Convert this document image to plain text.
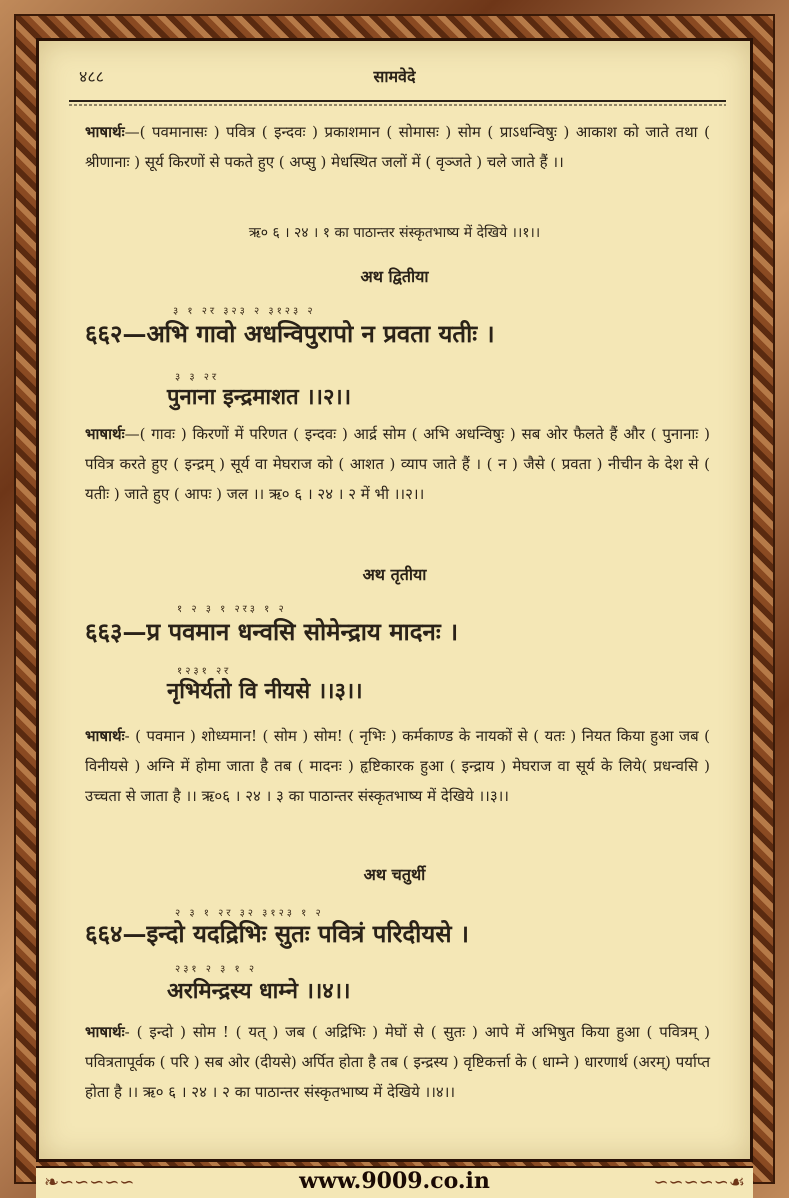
४८८	सामवेदे
भाषार्थः—( पवमानासः ) पवित्र ( इन्दवः ) प्रकाशमान ( सोमासः ) सोम ( प्राऽधन्विषुः ) आकाश को जाते तथा ( श्रीणानाः ) सूर्य किरणों से पकते हुए ( अप्सु ) मेधस्थित जलों में ( वृञ्जते ) चले जाते हैं ।।
ऋ० ६ । २४ । १ का पाठान्तर संस्कृतभाष्य में देखिये ।।१।।
अथ द्वितीया
३ १ २र ३२३ २ ३१२३ २
६६२—अभि गावो अधन्विपुरापो न प्रवता यतीः ।
३ ३ २र
पुनाना इन्द्रमाशत ।।२।।
भाषार्थः—( गावः ) किरणों में परिणत ( इन्दवः ) आर्द्र सोम ( अभि अधन्विषुः ) सब ओर फैलते हैं और ( पुनानाः ) पवित्र करते हुए ( इन्द्रम् ) सूर्य वा मेघराज को ( आशत ) व्याप जाते हैं । ( न ) जैसे ( प्रवता ) नीचीन के देश से ( यतीः ) जाते हुए ( आपः ) जल ।। ऋ० ६ । २४ । २ में भी ।।२।।
अथ तृतीया
१ २ ३ १ २र३ १ २
६६३—प्र पवमान धन्वसि सोमेन्द्राय मादनः ।
१२३१ २र
नृभिर्यतो वि नीयसे ।।३।।
भाषार्थः- ( पवमान ) शोध्यमान! ( सोम ) सोम! ( नृभिः ) कर्मकाण्ड के नायकों से ( यतः ) नियत किया हुआ जब ( विनीयसे ) अग्नि में होमा जाता है तब ( मादनः ) हृष्टिकारक हुआ ( इन्द्राय ) मेघराज वा सूर्य के लिये( प्रधन्वसि ) उच्चता से जाता है ।। ऋ०६ । २४ । ३ का पाठान्तर संस्कृतभाष्य में देखिये ।।३।।
अथ चतुर्थी
२ ३ १ २र ३२ ३१२३ १ २
६६४—इन्दो यदद्रिभिः सुतः पवित्रं परिदीयसे ।
२३१ २ ३ १ २
अरमिन्द्रस्य धाम्ने ।।४।।
भाषार्थः- ( इन्दो ) सोम ! ( यत् ) जब ( अद्रिभिः ) मेघों से ( सुतः ) आपे में अभिषुत किया हुआ ( पवित्रम् ) पवित्रतापूर्वक ( परि ) सब ओर (दीयसे) अर्पित होता है तब ( इन्द्रस्य ) वृष्टिकर्त्ता के ( धाम्ने ) धारणार्थ (अरम्) पर्याप्त होता है ।। ऋ० ६ । २४ । २ का पाठान्तर संस्कृतभाष्य में देखिये ।।४।।
❧∽∽∽∽∽	www.9009.co.in	∽∽∽∽∽☙
